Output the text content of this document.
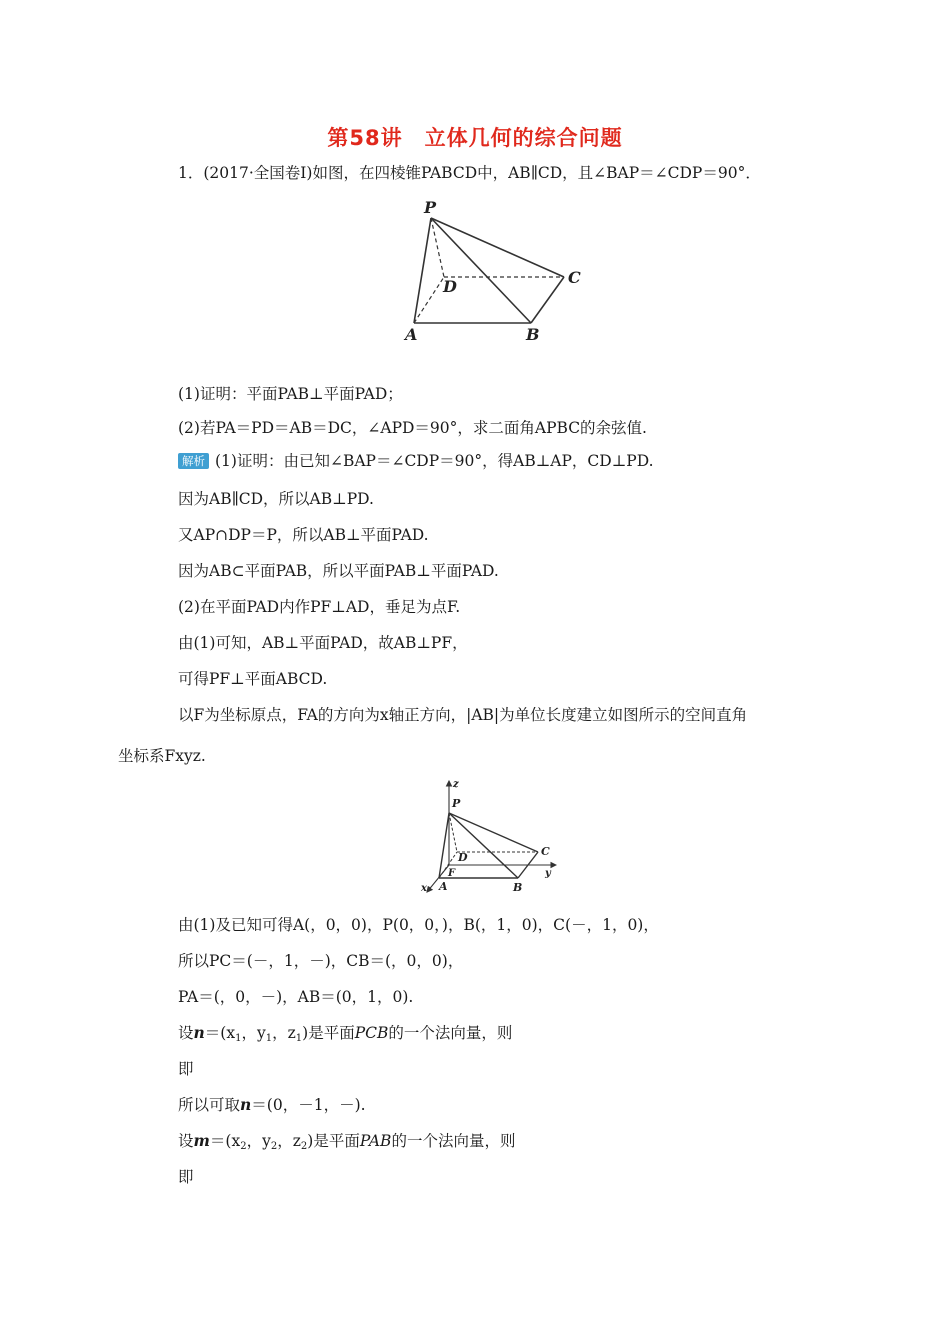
第58讲　立体几何的综合问题
1．(2017·全国卷Ⅰ)如图，在四棱锥PABCD中，AB∥CD，且∠BAP＝∠CDP＝90°．
P
D	C
A	B
(1)证明：平面PAB⊥平面PAD；
(2)若PA＝PD＝AB＝DC，∠APD＝90°，求二面角APBC的余弦值.
解析 (1)证明：由已知∠BAP＝∠CDP＝90°，得AB⊥AP，CD⊥PD.
因为AB∥CD，所以AB⊥PD.
又AP∩DP＝P，所以AB⊥平面PAD.
因为AB⊂平面PAB，所以平面PAB⊥平面PAD.
(2)在平面PAD内作PF⊥AD，垂足为点F.
由(1)可知，AB⊥平面PAD，故AB⊥PF，
可得PF⊥平面ABCD.
以F为坐标原点，FA的方向为x轴正方向，|AB|为单位长度建立如图所示的空间直角
坐标系Fxyz.
z
P
C
D
F	y
x A	B
由(1)及已知可得A(，0，0)，P(0，0，)，B(，1，0)，C(－，1，0)，
所以PC＝(－，1，－)，CB＝(，0，0)，
PA＝(，0，－)，AB＝(0，1，0).
设$n=(x_1$，$y_1$，$z_1$)是平面PCB的一个法向量，则
即
所以可取n＝(0，－1，－).
设$m=(x_2$，$y_2$，$z_2$)是平面PAB的一个法向量，则
即
